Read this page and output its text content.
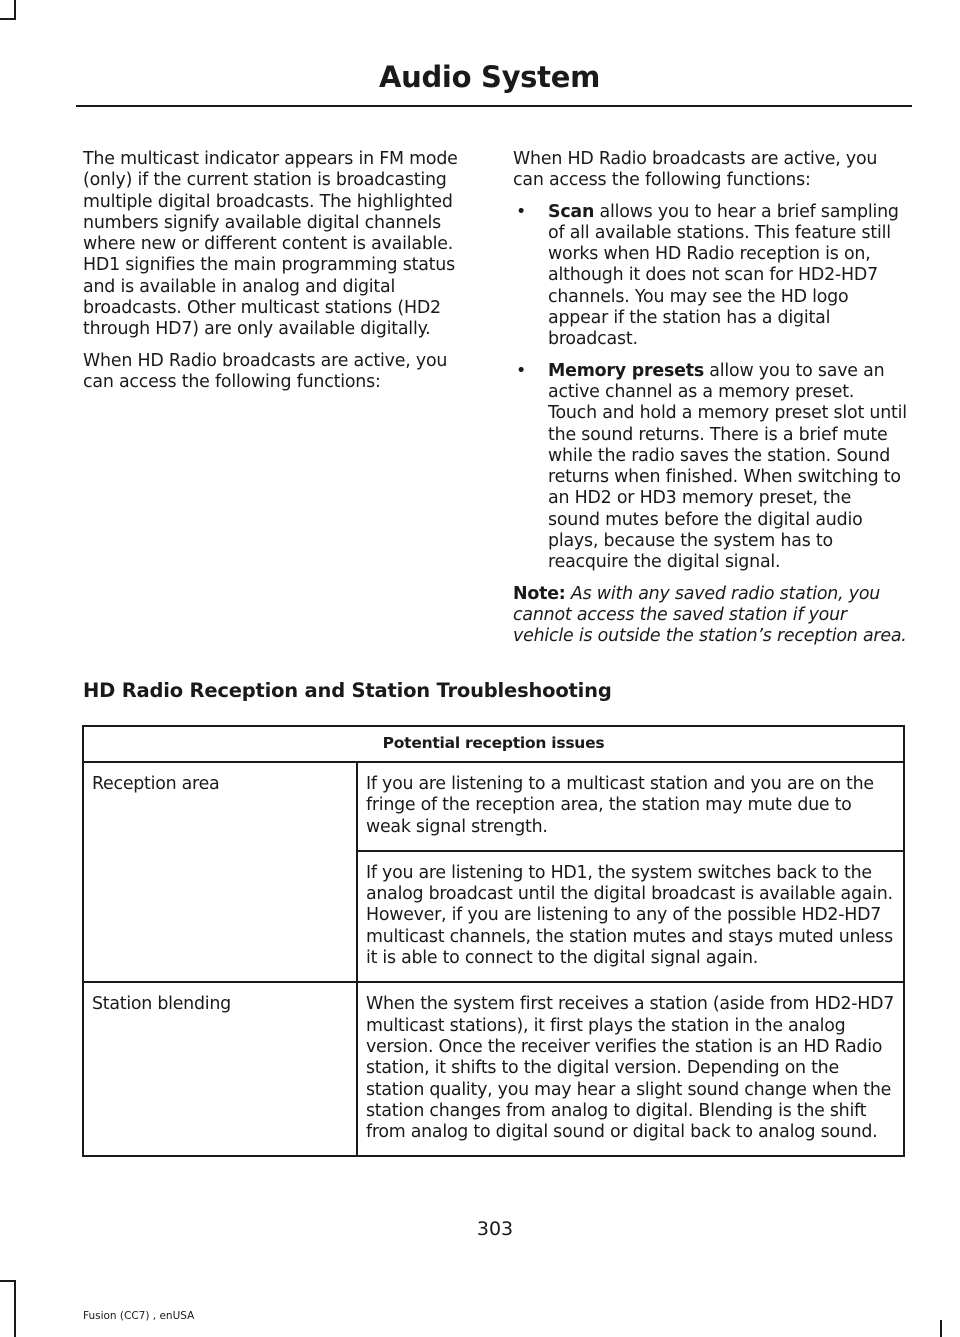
Audio System

The multicast indicator appears in FM mode (only) if the current station is broadcasting multiple digital broadcasts. The highlighted numbers signify available digital channels where new or different content is available. HD1 signifies the main programming status and is available in analog and digital broadcasts. Other multicast stations (HD2 through HD7) are only available digitally.

When HD Radio broadcasts are active, you can access the following functions:

When HD Radio broadcasts are active, you can access the following functions:

• Scan allows you to hear a brief sampling of all available stations. This feature still works when HD Radio reception is on, although it does not scan for HD2-HD7 channels. You may see the HD logo appear if the station has a digital broadcast.
• Memory presets allow you to save an active channel as a memory preset. Touch and hold a memory preset slot until the sound returns. There is a brief mute while the radio saves the station. Sound returns when finished. When switching to an HD2 or HD3 memory preset, the sound mutes before the digital audio plays, because the system has to reacquire the digital signal.

Note: As with any saved radio station, you cannot access the saved station if your vehicle is outside the station’s reception area.

HD Radio Reception and Station Troubleshooting
Potential reception issues	
Reception area	If you are listening to a multicast station and you are on the fringe of the reception area, the station may mute due to weak signal strength.
	If you are listening to HD1, the system switches back to the analog broadcast until the digital broadcast is available again. However, if you are listening to any of the possible HD2-HD7 multicast channels, the station mutes and stays muted unless it is able to connect to the digital signal again.
Station blending	When the system first receives a station (aside from HD2-HD7 multicast stations), it first plays the station in the analog version. Once the receiver verifies the station is an HD Radio station, it shifts to the digital version. Depending on the station quality, you may hear a slight sound change when the station changes from analog to digital. Blending is the shift from analog to digital sound or digital back to analog sound.
303
Fusion (CC7) , enUSA
